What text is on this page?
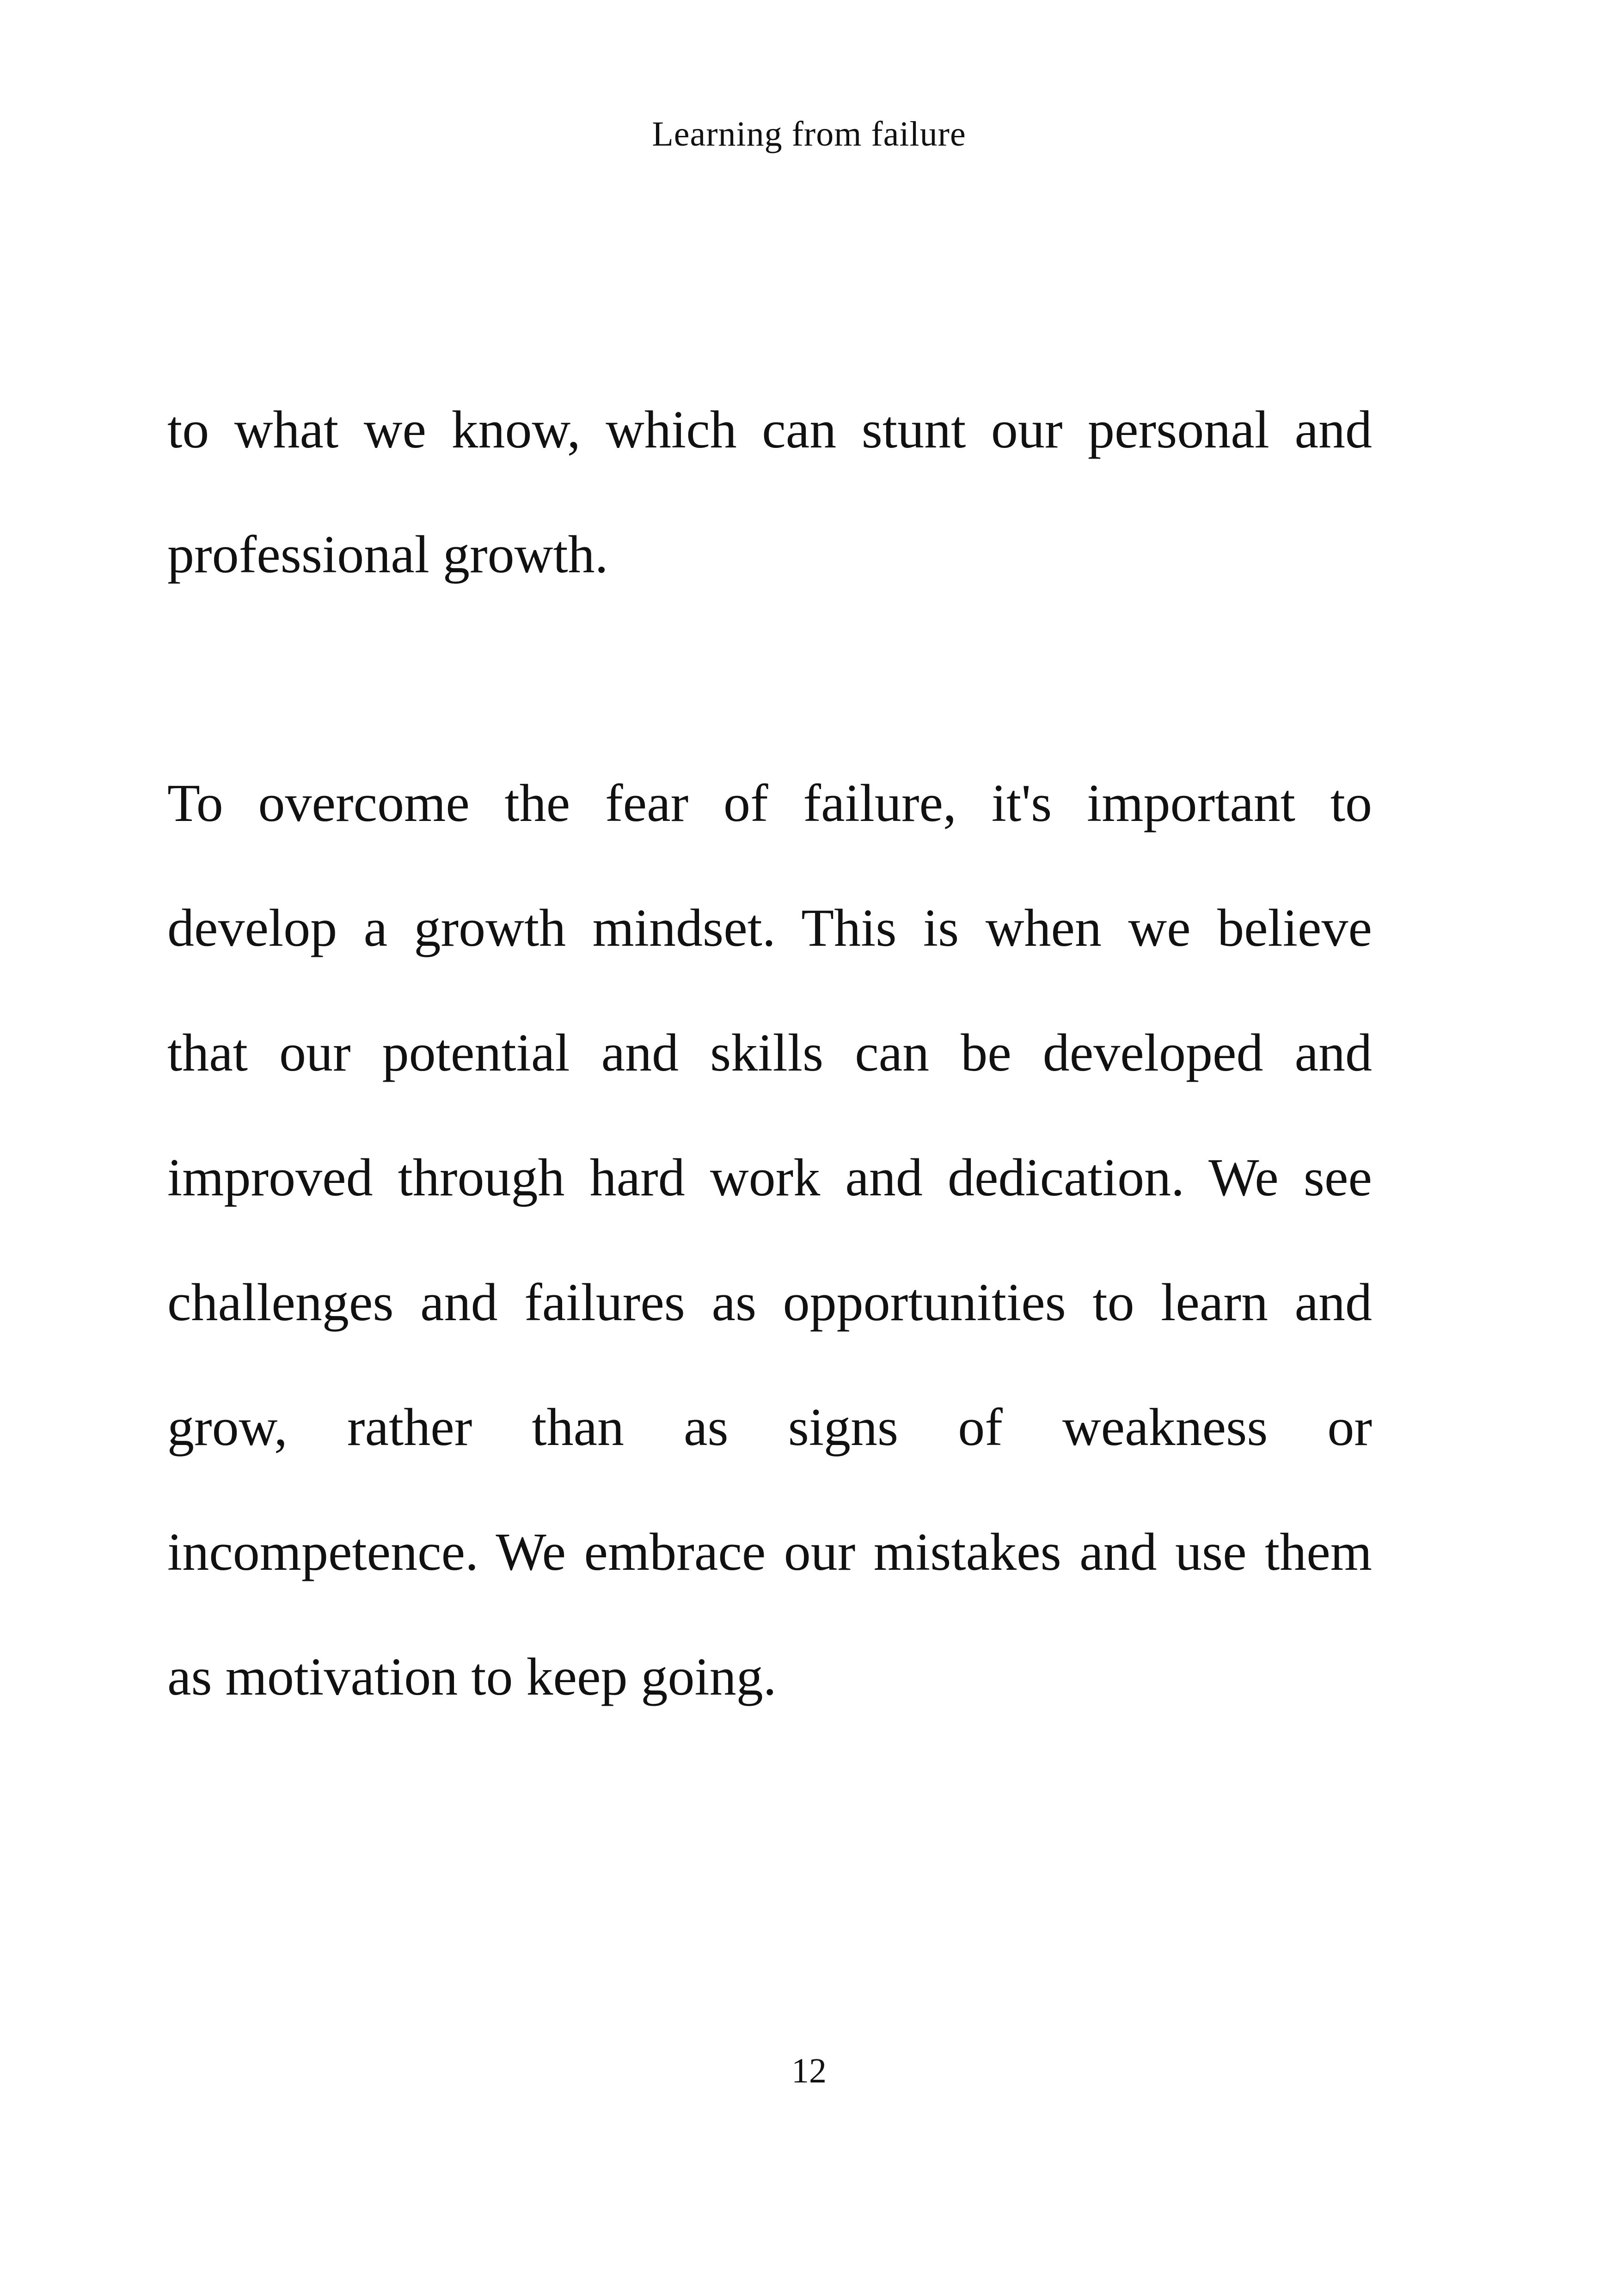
Learning from failure
to what we know, which can stunt our personal and
professional growth.
To overcome the fear of failure, it's important to
develop a growth mindset. This is when we believe
that our potential and skills can be developed and
improved through hard work and dedication. We see
challenges and failures as opportunities to learn and
grow, rather than as signs of weakness or
incompetence. We embrace our mistakes and use them
as motivation to keep going.
12
